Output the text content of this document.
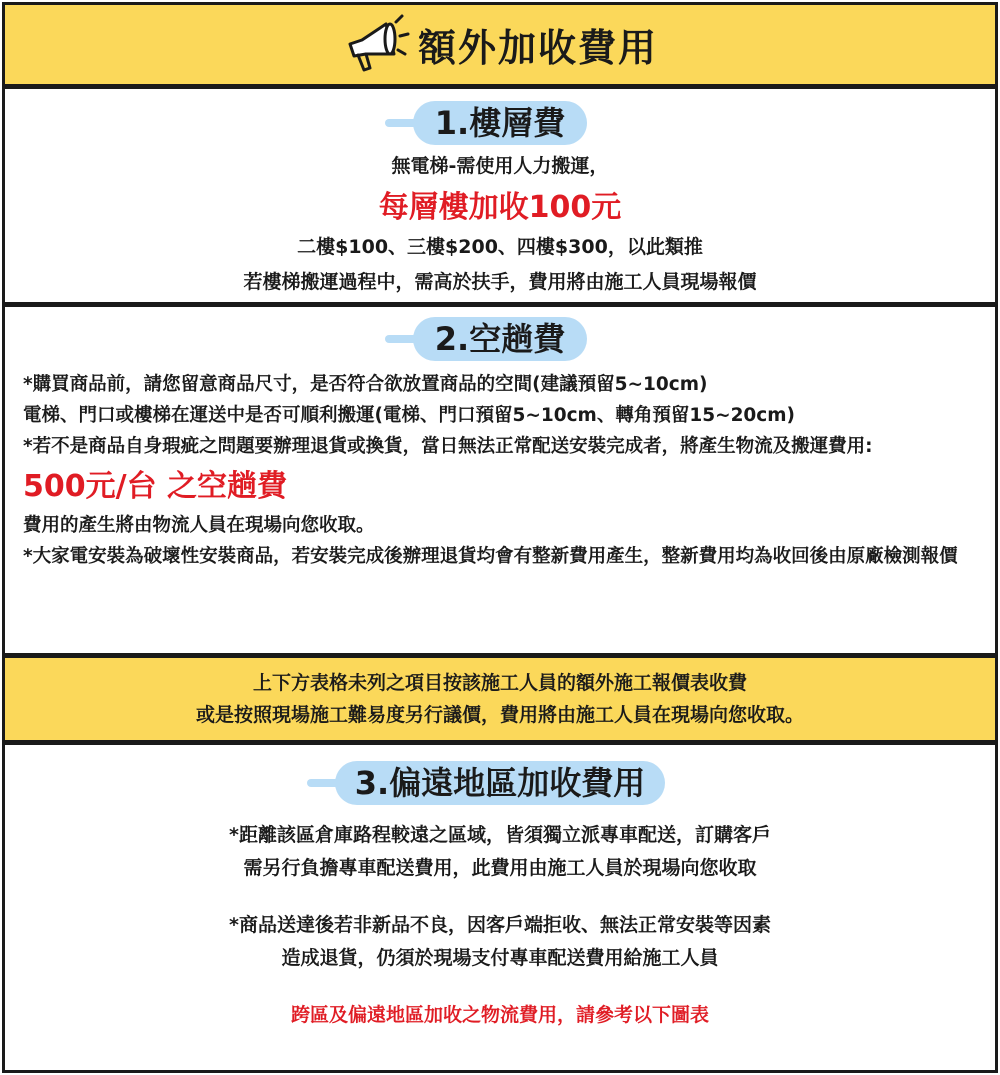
額外加收費用
1.樓層費
無電梯-需使用人力搬運，
每層樓加收100元
二樓$100、三樓$200、四樓$300，以此類推
若樓梯搬運過程中，需高於扶手，費用將由施工人員現場報價
2.空趟費
*購買商品前，請您留意商品尺寸，是否符合欲放置商品的空間(建議預留5~10cm)
電梯、門口或樓梯在運送中是否可順利搬運(電梯、門口預留5~10cm、轉角預留15~20cm)
*若不是商品自身瑕疵之問題要辦理退貨或換貨，當日無法正常配送安裝完成者，將產生物流及搬運費用:
500元/台 之空趟費
費用的產生將由物流人員在現場向您收取。
*大家電安裝為破壞性安裝商品，若安裝完成後辦理退貨均會有整新費用產生，整新費用均為收回後由原廠檢測報價
上下方表格未列之項目按該施工人員的額外施工報價表收費
或是按照現場施工難易度另行議價，費用將由施工人員在現場向您收取。
3.偏遠地區加收費用
*距離該區倉庫路程較遠之區域，皆須獨立派專車配送，訂購客戶
需另行負擔專車配送費用，此費用由施工人員於現場向您收取
*商品送達後若非新品不良，因客戶端拒收、無法正常安裝等因素
造成退貨，仍須於現場支付專車配送費用給施工人員
跨區及偏遠地區加收之物流費用，請參考以下圖表
